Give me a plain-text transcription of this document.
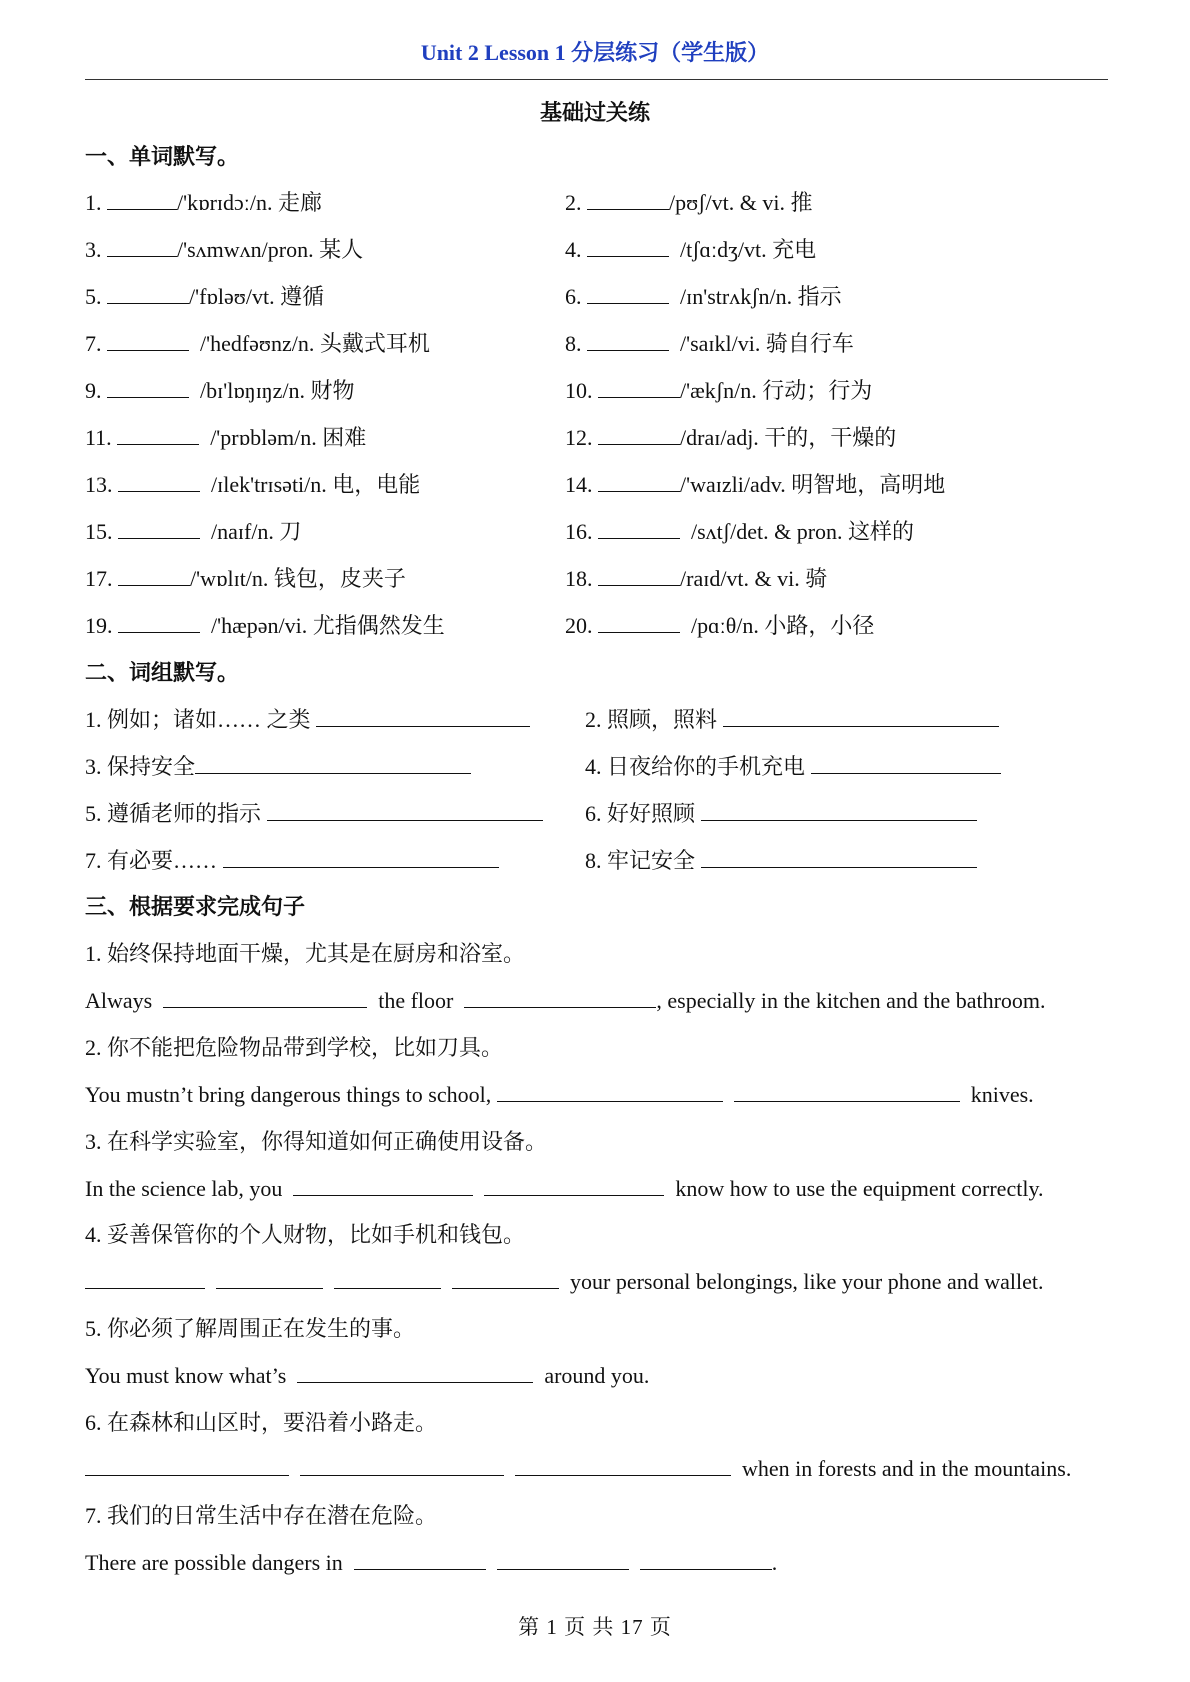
Unit 2 Lesson 1 分层练习（学生版）
基础过关练
一、单词默写。
1.	/'kɒrɪdɔː/n. 走廊	2.	/pʊʃ/vt. & vi. 推
3.	/'sʌmwʌn/pron. 某人	4.	/tʃɑːdʒ/vt. 充电
5.	/'fɒləʊ/vt. 遵循	6.	/ɪn'strʌkʃn/n. 指示
7.	/'hedfəʊnz/n. 头戴式耳机	8.	/'saɪkl/vi. 骑自行车
9.	/bɪ'lɒŋɪŋz/n. 财物	10.	/'ækʃn/n. 行动；行为
11.	/'prɒbləm/n. 困难	12.	/draɪ/adj. 干的，干燥的
13.	/ɪlek'trɪsəti/n. 电，电能	14.	/'waɪzli/adv. 明智地，高明地
15.	/naɪf/n. 刀	16.	/sʌtʃ/det. & pron. 这样的
17.	/'wɒlɪt/n. 钱包，皮夹子	18.	/raɪd/vt. & vi. 骑
19.	/'hæpən/vi. 尤指偶然发生	20.	/pɑːθ/n. 小路，小径
二、词组默写。
1. 例如；诸如…… 之类	2. 照顾，照料
3. 保持安全	4. 日夜给你的手机充电
5. 遵循老师的指示	6. 好好照顾
7. 有必要……	8. 牢记安全
三、根据要求完成句子
1. 始终保持地面干燥，尤其是在厨房和浴室。
Always	the floor	, especially in the kitchen and the bathroom.
2. 你不能把危险物品带到学校，比如刀具。
You mustn’t bring dangerous things to school,	knives.
3. 在科学实验室，你得知道如何正确使用设备。
In the science lab, you	know how to use the equipment correctly.
4. 妥善保管你的个人财物，比如手机和钱包。
your personal belongings, like your phone and wallet.
5. 你必须了解周围正在发生的事。
You must know what’s	around you.
6. 在森林和山区时，要沿着小路走。
when in forests and in the mountains.
7. 我们的日常生活中存在潜在危险。
There are possible dangers in	.
第 1 页 共 17 页
